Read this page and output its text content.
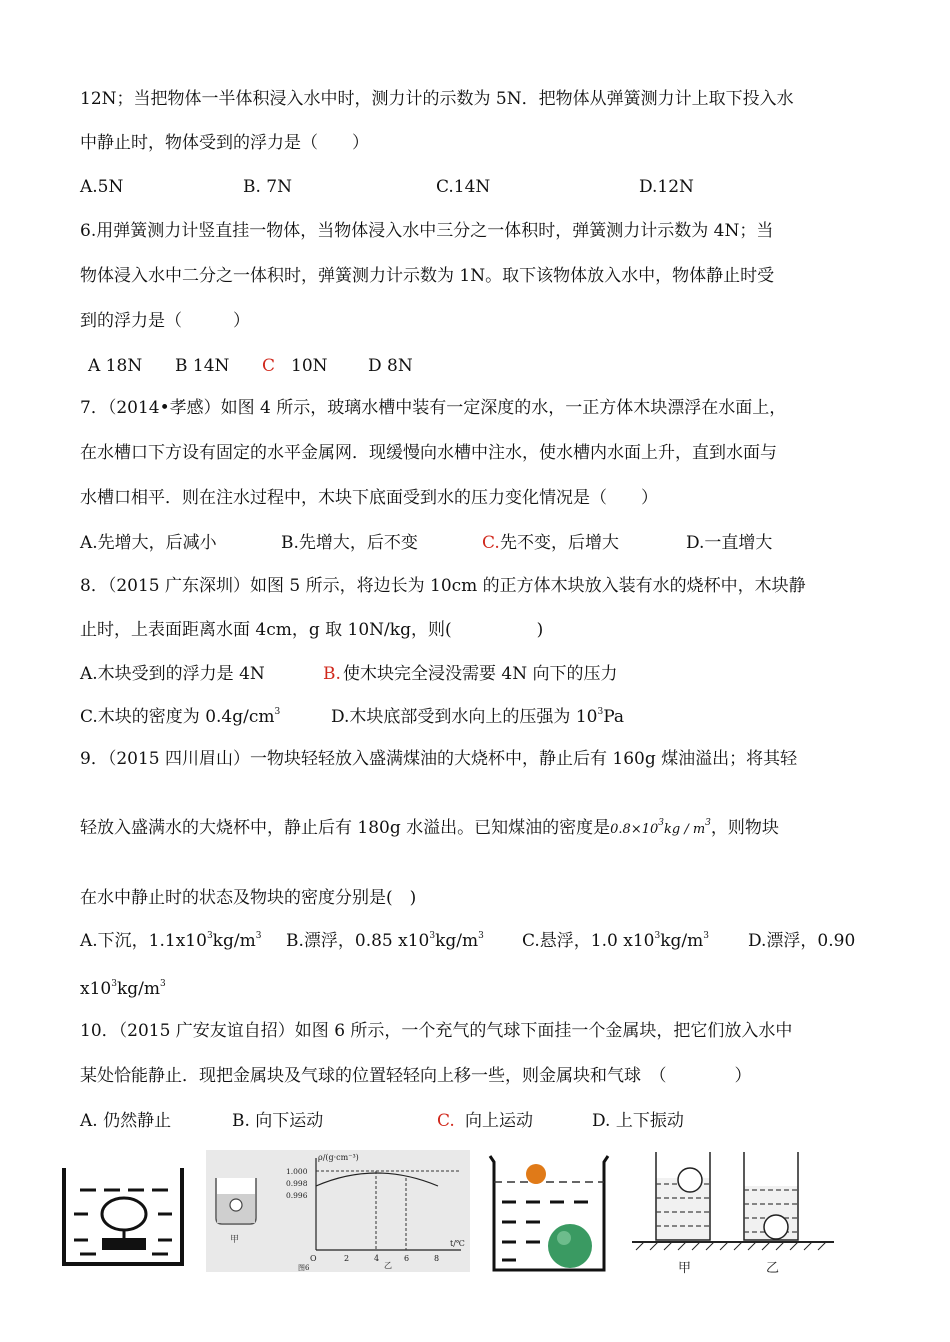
12N；当把物体一半体积浸入水中时，测力计的示数为 5N．把物体从弹簧测力计上取下投入水
中静止时，物体受到的浮力是（　　）
A.5N	B. 7N	C.14N	D.12N
6.用弹簧测力计竖直挂一物体，当物体浸入水中三分之一体积时，弹簧测力计示数为 4N；当
物体浸入水中二分之一体积时，弹簧测力计示数为 1N。取下该物体放入水中，物体静止时受
到的浮力是（　　　）
A 18N B 14N C 10N D 8N
7．（2014•孝感）如图 4 所示，玻璃水槽中装有一定深度的水，一正方体木块漂浮在水面上，
在水槽口下方设有固定的水平金属网．现缓慢向水槽中注水，使水槽内水面上升，直到水面与
水槽口相平．则在注水过程中，木块下底面受到水的压力变化情况是（　　）
A.先增大，后减小	B.先增大，后不变	C. 先不变，后增大	D.一直增大
8．（2015 广东深圳）如图 5 所示，将边长为 10cm 的正方体木块放入装有水的烧杯中，木块静
止时，上表面距离水面 4cm，g 取 10N/kg，则(　　　　　)
A.木块受到的浮力是 4N	B. 使木块完全浸没需要 4N 向下的压力
C.木块的密度为 $0.4g/cm^3$	D.木块底部受到水向上的压强为 $10^3Pa$
9．（2015 四川眉山）一物块轻轻放入盛满煤油的大烧杯中，静止后有 160g 煤油溢出；将其轻
轻放入盛满水的大烧杯中，静止后有 180g 水溢出。已知煤油的密度是$0.8\times 10^3kg / m^3$，则物块
在水中静止时的状态及物块的密度分别是(　)
A.下沉，$1.1x10^3kg/m^3$ B.漂浮，0.85 $x10^3kg/m^3$ C.悬浮，1.0 $x10^3kg/m^3$ D.漂浮，0.90
$x10^3kg/m^3$
10．（2015 广安友谊自招）如图 6 所示，一个充气的气球下面挂一个金属块，把它们放入水中
某处恰能静止．现把金属块及气球的位置轻轻向上移一些，则金属块和气球　（　　　　）
A. 仍然静止	B. 向下运动	C. 向上运动	D. 上下振动
甲
ρ/(g·cm⁻³)
1.000
0.998
0.996
O	2	4	6	8
t/℃
乙
图6	甲	乙
